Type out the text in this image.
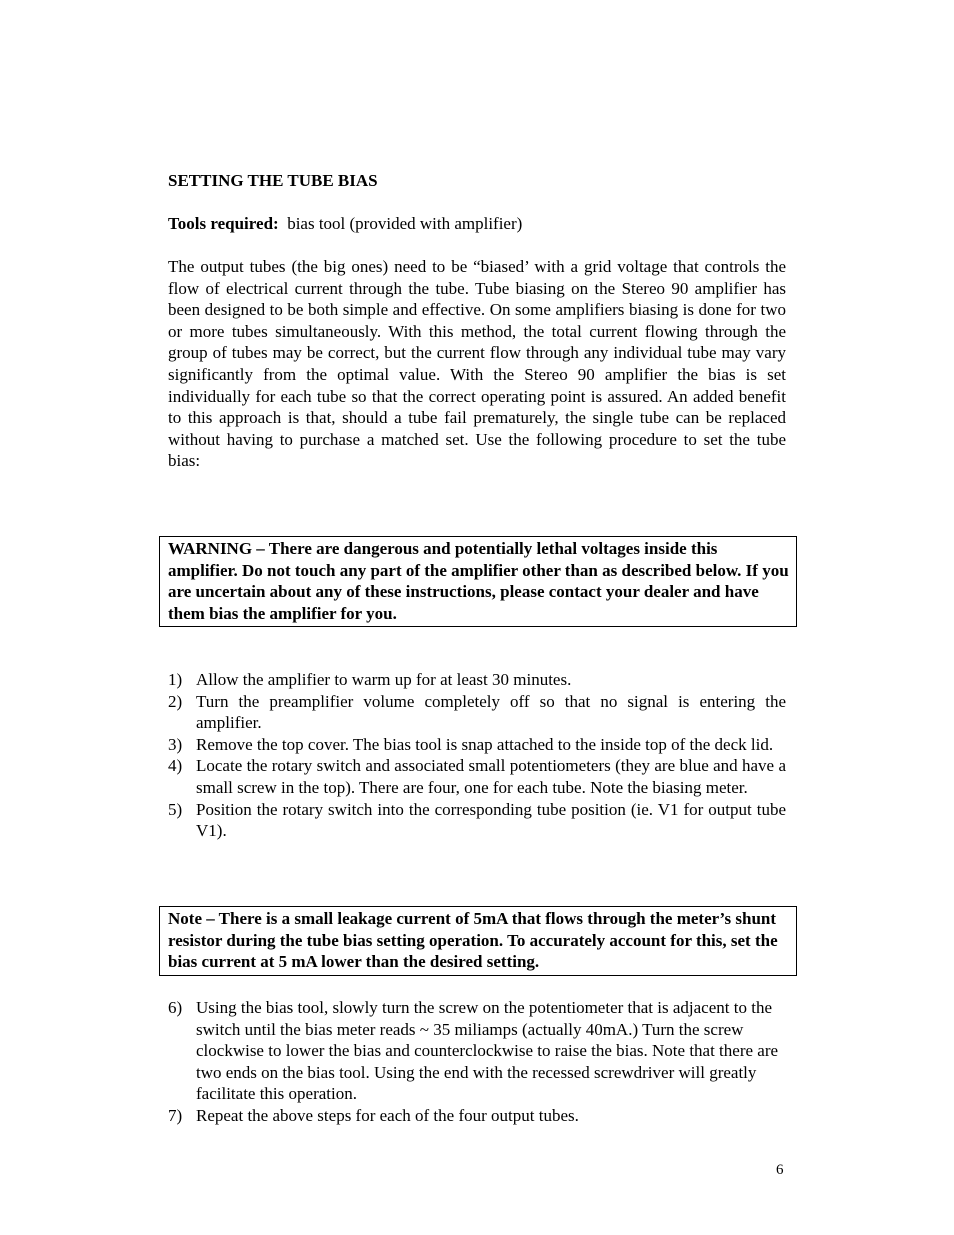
SETTING THE TUBE BIAS
Tools required: bias tool (provided with amplifier)
The output tubes (the big ones) need to be “biased’ with a grid voltage that controls the flow of electrical current through the tube. Tube biasing on the Stereo 90 amplifier has been designed to be both simple and effective. On some amplifiers biasing is done for two or more tubes simultaneously. With this method, the total current flowing through the group of tubes may be correct, but the current flow through any individual tube may vary significantly from the optimal value. With the Stereo 90 amplifier the bias is set individually for each tube so that the correct operating point is assured. An added benefit to this approach is that, should a tube fail prematurely, the single tube can be replaced without having to purchase a matched set. Use the following procedure to set the tube bias:
WARNING – There are dangerous and potentially lethal voltages inside this amplifier. Do not touch any part of the amplifier other than as described below. If you are uncertain about any of these instructions, please contact your dealer and have them bias the amplifier for you.
1) Allow the amplifier to warm up for at least 30 minutes.
2) Turn the preamplifier volume completely off so that no signal is entering the amplifier.
3) Remove the top cover. The bias tool is snap attached to the inside top of the deck lid.
4) Locate the rotary switch and associated small potentiometers (they are blue and have a small screw in the top). There are four, one for each tube. Note the biasing meter.
5) Position the rotary switch into the corresponding tube position (ie. V1 for output tube V1).
Note – There is a small leakage current of 5mA that flows through the meter’s shunt resistor during the tube bias setting operation. To accurately account for this, set the bias current at 5 mA lower than the desired setting.
6) Using the bias tool, slowly turn the screw on the potentiometer that is adjacent to the switch until the bias meter reads ~ 35 miliamps (actually 40mA.) Turn the screw clockwise to lower the bias and counterclockwise to raise the bias. Note that there are two ends on the bias tool. Using the end with the recessed screwdriver will greatly facilitate this operation.
7) Repeat the above steps for each of the four output tubes.
6
